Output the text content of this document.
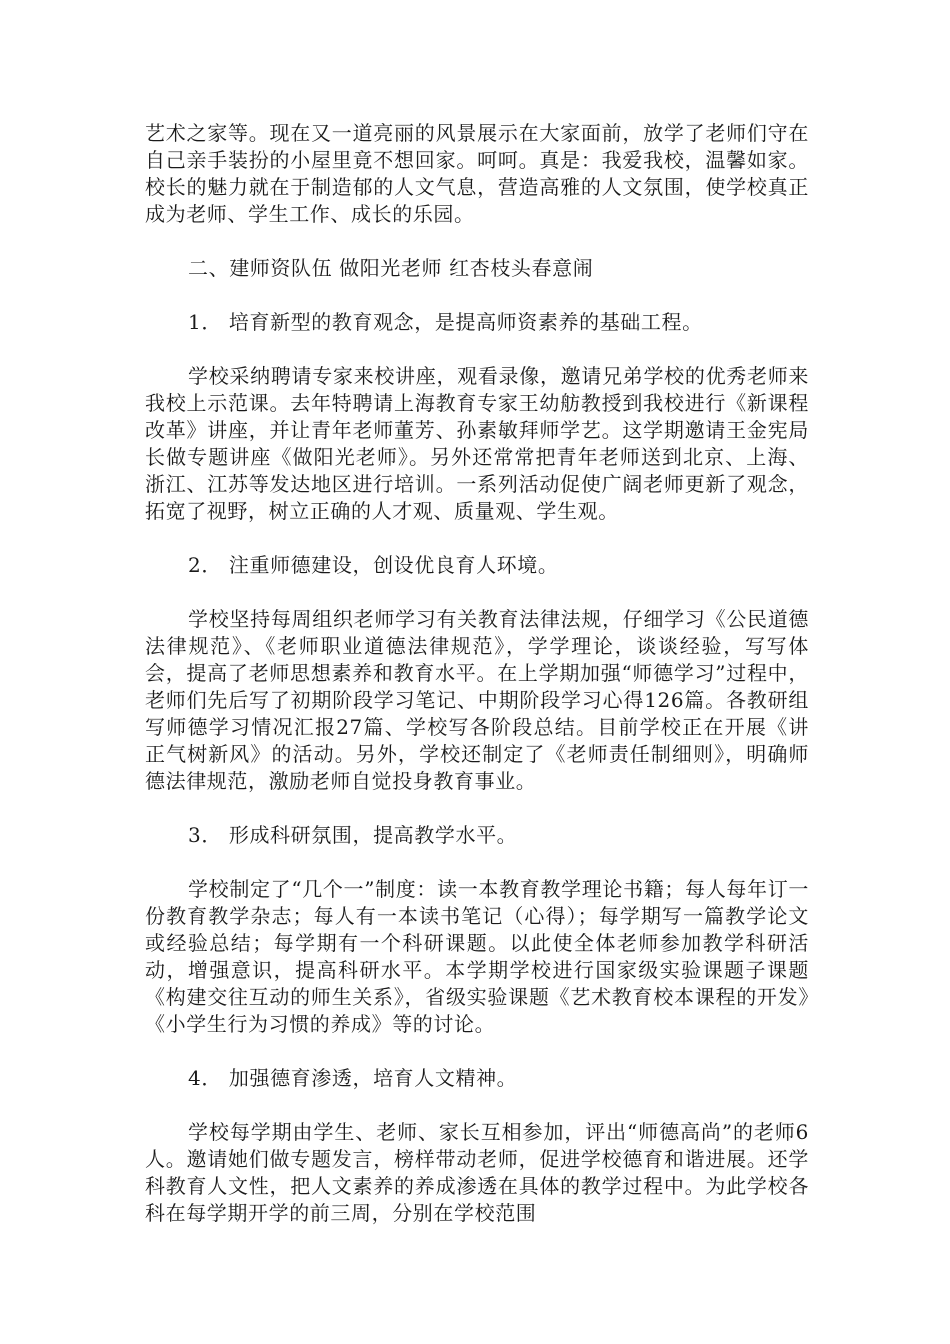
艺术之家等。现在又一道亮丽的风景展示在大家面前，放学了老师们守在自己亲手装扮的小屋里竟不想回家。呵呵。真是：我爱我校，温馨如家。校长的魅力就在于制造郁的人文气息，营造高雅的人文氛围，使学校真正成为老师、学生工作、成长的乐园。

二、建师资队伍 做阳光老师 红杏枝头春意闹

1． 培育新型的教育观念，是提高师资素养的基础工程。

学校采纳聘请专家来校讲座，观看录像，邀请兄弟学校的优秀老师来我校上示范课。去年特聘请上海教育专家王幼舫教授到我校进行《新课程改革》讲座，并让青年老师董芳、孙素敏拜师学艺。这学期邀请王金宪局长做专题讲座《做阳光老师》。另外还常常把青年老师送到北京、上海、浙江、江苏等发达地区进行培训。一系列活动促使广阔老师更新了观念，拓宽了视野，树立正确的人才观、质量观、学生观。

2． 注重师德建设，创设优良育人环境。

学校坚持每周组织老师学习有关教育法律法规，仔细学习《公民道德法律规范》、《老师职业道德法律规范》，学学理论，谈谈经验，写写体会，提高了老师思想素养和教育水平。在上学期加强“师德学习”过程中，老师们先后写了初期阶段学习笔记、中期阶段学习心得126篇。各教研组写师德学习情况汇报27篇、学校写各阶段总结。目前学校正在开展《讲正气树新风》的活动。另外，学校还制定了《老师责任制细则》，明确师德法律规范，激励老师自觉投身教育事业。

3． 形成科研氛围，提高教学水平。

学校制定了“几个一”制度：读一本教育教学理论书籍；每人每年订一份教育教学杂志；每人有一本读书笔记（心得）；每学期写一篇教学论文或经验总结；每学期有一个科研课题。以此使全体老师参加教学科研活动，增强意识，提高科研水平。本学期学校进行国家级实验课题子课题《构建交往互动的师生关系》，省级实验课题《艺术教育校本课程的开发》《小学生行为习惯的养成》等的讨论。

4． 加强德育渗透，培育人文精神。

学校每学期由学生、老师、家长互相参加，评出“师德高尚”的老师6人。邀请她们做专题发言，榜样带动老师，促进学校德育和谐进展。还学科教育人文性，把人文素养的养成渗透在具体的教学过程中。为此学校各科在每学期开学的前三周，分别在学校范围
